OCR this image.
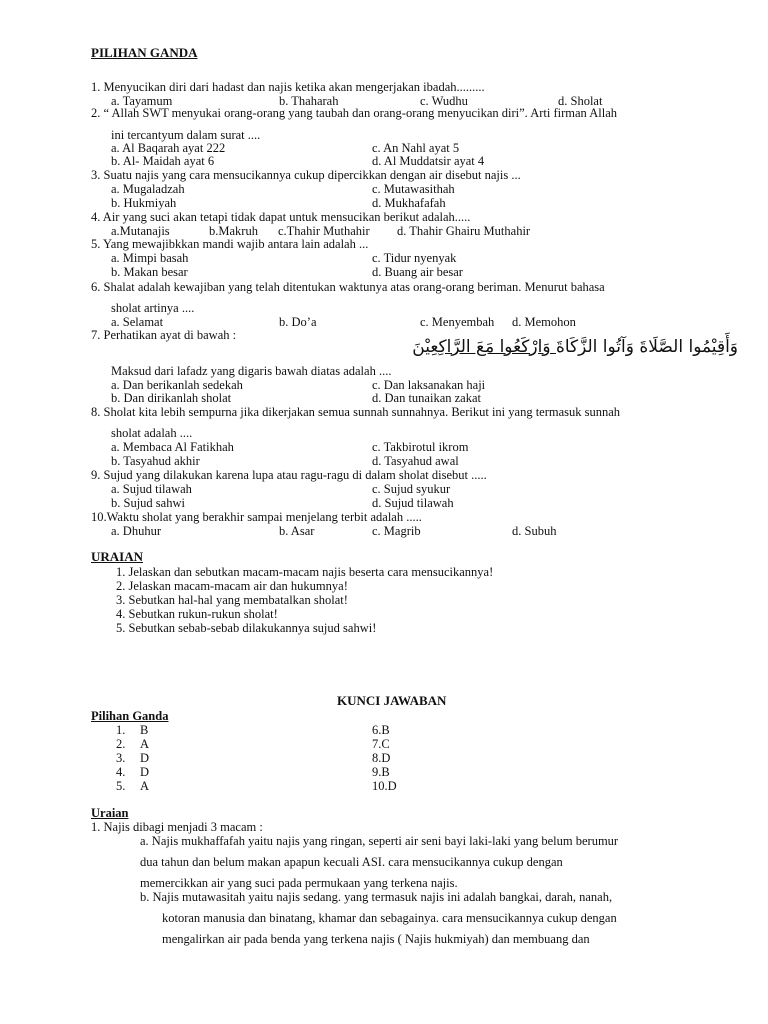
PILIHAN GANDA
1. Menyucikan diri dari hadast dan najis ketika akan mengerjakan ibadah.........
a. Tayamum	b. Thaharah	c. Wudhu	d. Sholat
2. “ Allah SWT menyukai orang-orang yang taubah dan orang-orang menyucikan diri”. Arti firman Allah
ini tercantyum dalam surat ....
a. Al Baqarah ayat 222	c. An Nahl ayat 5
b. Al- Maidah ayat 6	d. Al Muddatsir ayat 4
3. Suatu najis yang cara mensucikannya cukup dipercikkan dengan air disebut najis ...
a. Mugaladzah	c. Mutawasithah
b. Hukmiyah	d. Mukhafafah
4. Air yang suci akan tetapi tidak dapat untuk mensucikan berikut adalah.....
a.Mutanajis	b.Makruh c.Thahir Muthahir d. Thahir Ghairu Muthahir
5. Yang mewajibkkan mandi wajib antara lain adalah ...
a. Mimpi basah	c. Tidur nyenyak
b. Makan besar	d. Buang air besar
6. Shalat adalah kewajiban yang telah ditentukan waktunya atas orang-orang beriman. Menurut bahasa
sholat artinya ....
a. Selamat	b. Do’a	c. Menyembah d. Memohon
7. Perhatikan ayat di bawah :
وَأَقِيْمُوا الصَّلَاةَ وَآتُوا الزَّكَاةَ وَارْكَعُوا مَعَ الرَّاكِعِيْنَ
Maksud dari lafadz yang digaris bawah diatas adalah ....
a. Dan berikanlah sedekah	c. Dan laksanakan haji
b. Dan dirikanlah sholat	d. Dan tunaikan zakat
8. Sholat kita lebih sempurna jika dikerjakan semua sunnah sunnahnya. Berikut ini yang termasuk sunnah
sholat adalah ....
a. Membaca Al Fatikhah	c. Takbirotul ikrom
b. Tasyahud akhir	d. Tasyahud awal
9. Sujud yang dilakukan karena lupa atau ragu-ragu di dalam sholat disebut .....
a. Sujud tilawah	c. Sujud syukur
b. Sujud sahwi	d. Sujud tilawah
10.Waktu sholat yang berakhir sampai menjelang terbit adalah .....
a. Dhuhur	b. Asar	c. Magrib	d. Subuh
URAIAN
1. Jelaskan dan sebutkan macam-macam najis beserta cara mensucikannya!
2. Jelaskan macam-macam air dan hukumnya!
3. Sebutkan hal-hal yang membatalkan sholat!
4. Sebutkan rukun-rukun sholat!
5. Sebutkan sebab-sebab dilakukannya sujud sahwi!
KUNCI JAWABAN
Pilihan Ganda
1. B	6.B
2. A	7.C
3. D	8.D
4. D	9.B
5. A	10.D
Uraian
1. Najis dibagi menjadi 3 macam :
a. Najis mukhaffafah yaitu najis yang ringan, seperti air seni bayi laki-laki yang belum berumur
dua tahun dan belum makan apapun kecuali ASI. cara mensucikannya cukup dengan
memercikkan air yang suci pada permukaan yang terkena najis.
b. Najis mutawasitah yaitu najis sedang. yang termasuk najis ini adalah bangkai, darah, nanah,
kotoran manusia dan binatang, khamar dan sebagainya. cara mensucikannya cukup dengan
mengalirkan air pada benda yang terkena najis ( Najis hukmiyah) dan membuang dan
